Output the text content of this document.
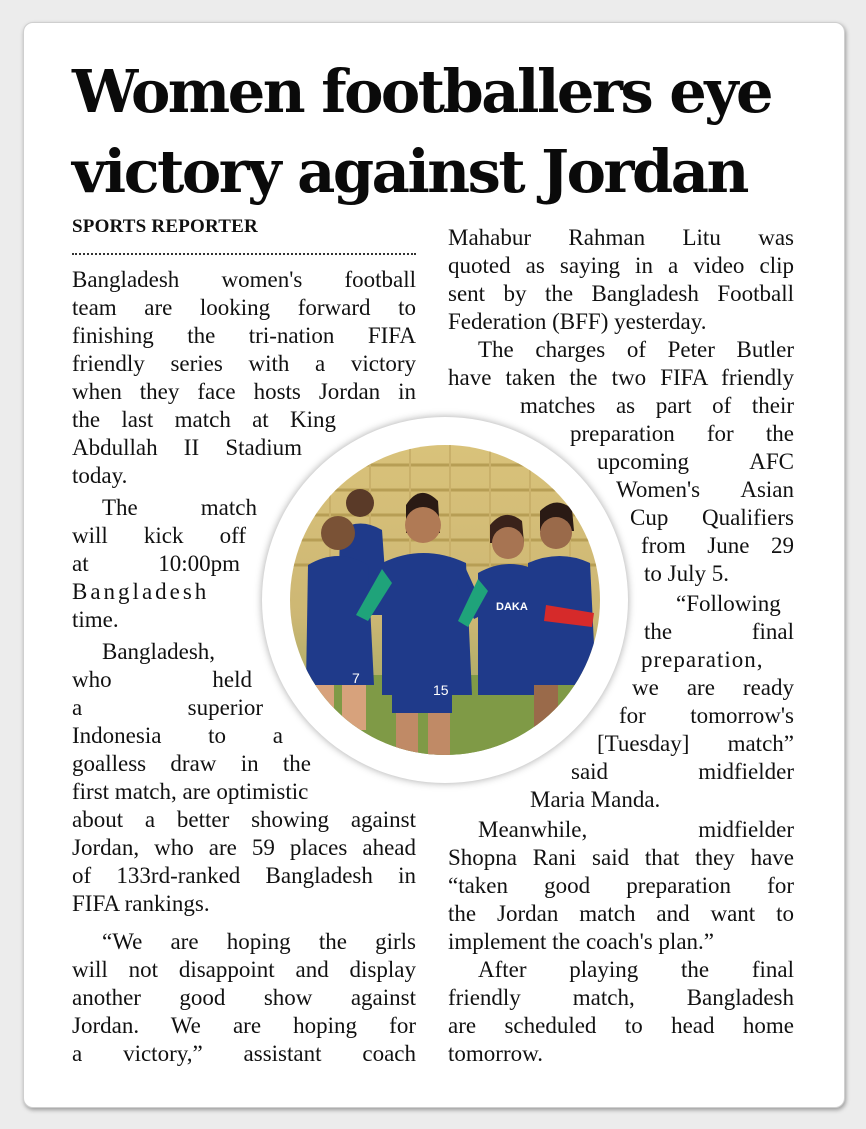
Women footballers eye
victory against Jordan
SPORTS REPORTER
Bangladesh women's football
team are looking forward to
finishing the tri-nation FIFA
friendly series with a victory
when they face hosts Jordan in
the last match at King
Abdullah II Stadium
today.
The match
will kick off
at 10:00pm
Bangladesh
time.
Bangladesh,
who held
a superior
Indonesia to a
goalless draw in the
first match, are optimistic
about a better showing against
Jordan, who are 59 places ahead
of 133rd-ranked Bangladesh in
FIFA rankings.
“We are hoping the girls
will not disappoint and display
another good show against
Jordan. We are hoping for
a victory,” assistant coach
Mahabur Rahman Litu was
quoted as saying in a video clip
sent by the Bangladesh Football
Federation (BFF) yesterday.
The charges of Peter Butler
have taken the two FIFA friendly
matches as part of their
preparation for the
upcoming AFC
Women's Asian
Cup Qualifiers
from June 29
to July 5.
“Following
the final
preparation,
we are ready
for tomorrow's
[Tuesday] match”
said midfielder
Maria Manda.
Meanwhile, midfielder
Shopna Rani said that they have
“taken good preparation for
the Jordan match and want to
implement the coach's plan.”
After playing the final
friendly match, Bangladesh
are scheduled to head home
tomorrow.
15
DAKA
7
